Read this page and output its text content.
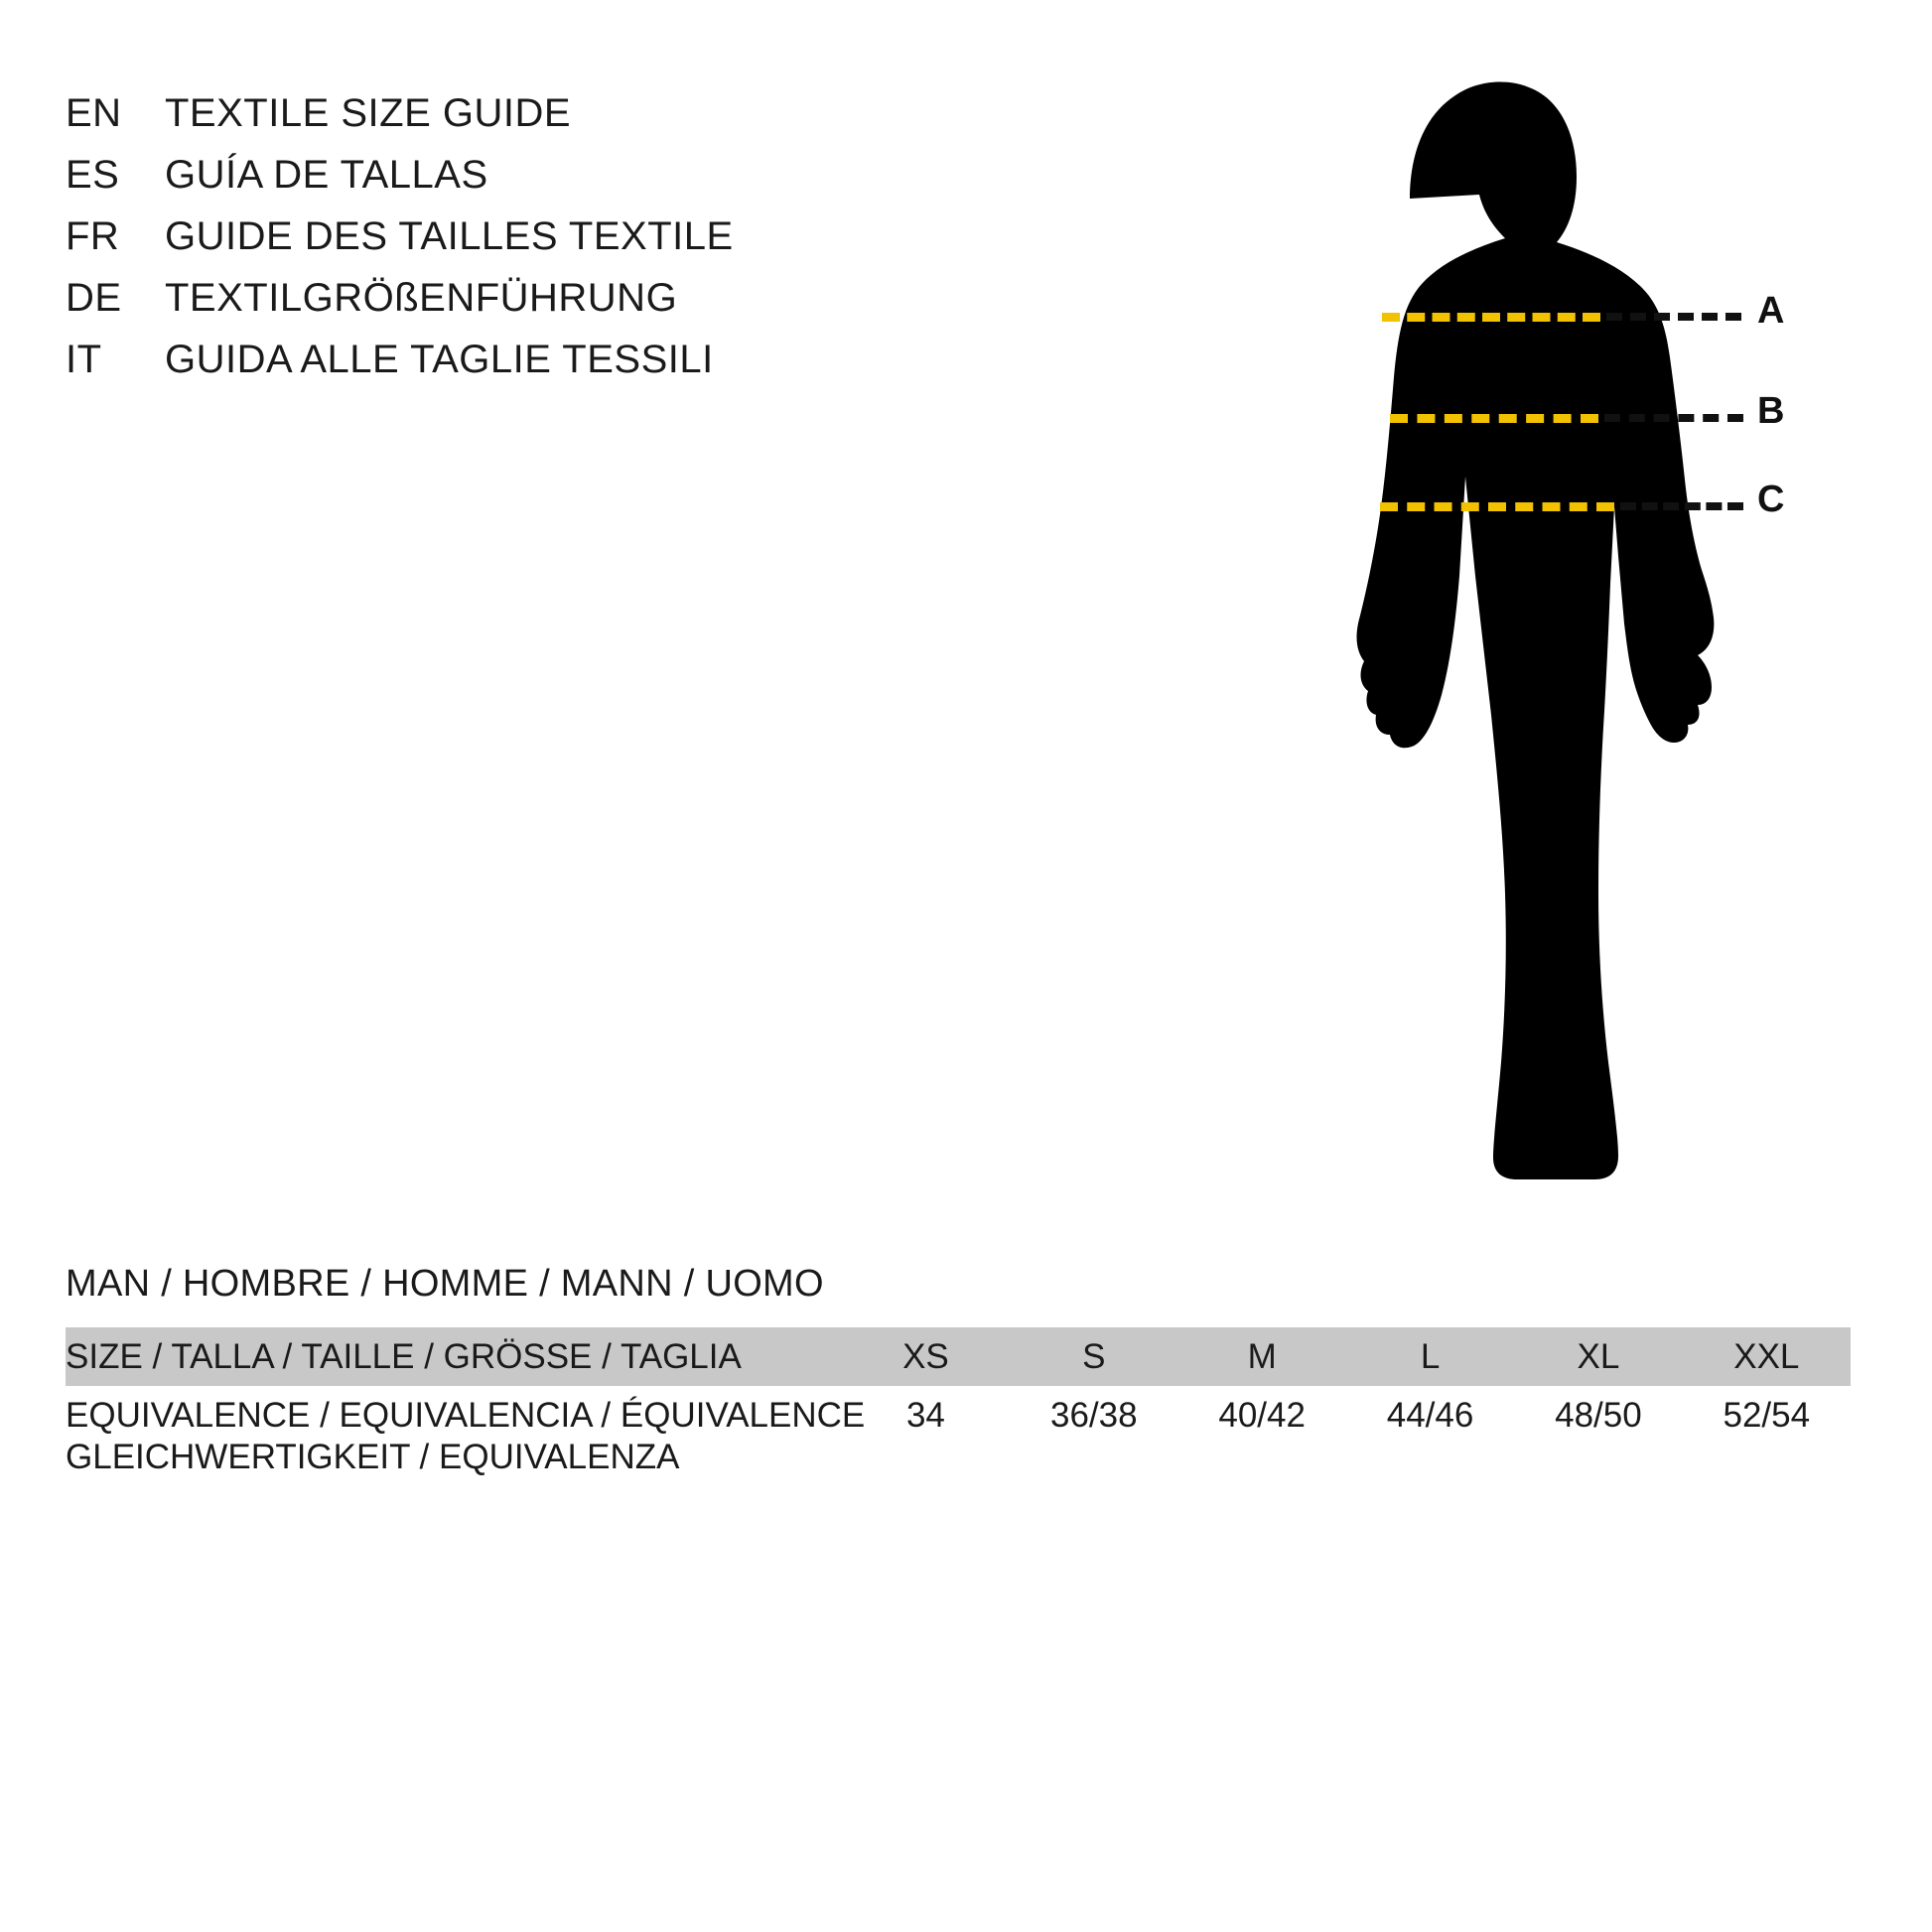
EN	TEXTILE SIZE GUIDE
ES	GUÍA DE TALLAS
FR	GUIDE DES TAILLES TEXTILE
DE	TEXTILGRÖßENFÜHRUNG
IT	GUIDA ALLE TAGLIE TESSILI
A
B
C
MAN / HOMBRE / HOMME / MANN / UOMO
SIZE / TALLA / TAILLE / GRÖSSE / TAGLIA	XS	S	M	L	XL	XXL

EQUIVALENCE / EQUIVALENCIA / ÉQUIVALENCE
GLEICHWERTIGKEIT / EQUIVALENZA	34	36/38	40/42	44/46	48/50	52/54
